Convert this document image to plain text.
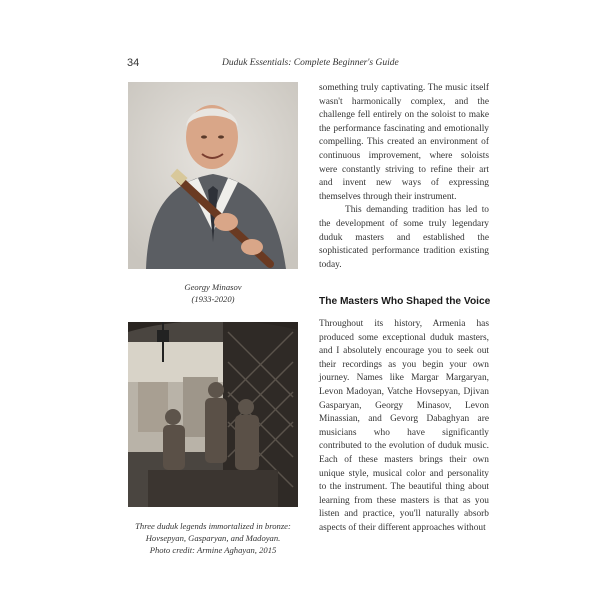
34	Duduk Essentials: Complete Beginner's Guide
Georgy Minasov
(1933-2020)
Three duduk legends immortalized in bronze:
Hovsepyan, Gasparyan, and Madoyan.
Photo credit: Armine Aghayan, 2015

something truly captivating. The music itself wasn't harmonically complex, and the challenge fell entirely on the soloist to make the performance fascinating and emotionally compelling. This created an environment of continuous improvement, where soloists were constantly striving to refine their art and invent new ways of expressing themselves through their instrument.

This demanding tradition has led to the development of some truly legendary duduk masters and established the sophisticated performance tradition existing today.

The Masters Who Shaped the Voice

Throughout its history, Armenia has produced some exceptional duduk masters, and I absolutely encourage you to seek out their recordings as you begin your own journey. Names like Margar Margaryan, Levon Madoyan, Vatche Hovsepyan, Djivan Gasparyan, Georgy Minasov, Levon Minassian, and Gevorg Dabaghyan are musicians who have significantly contributed to the evolution of duduk music. Each of these masters brings their own unique style, musical color and personality to the instrument. The beautiful thing about learning from these masters is that as you listen and practice, you'll naturally absorb aspects of their different approaches without
